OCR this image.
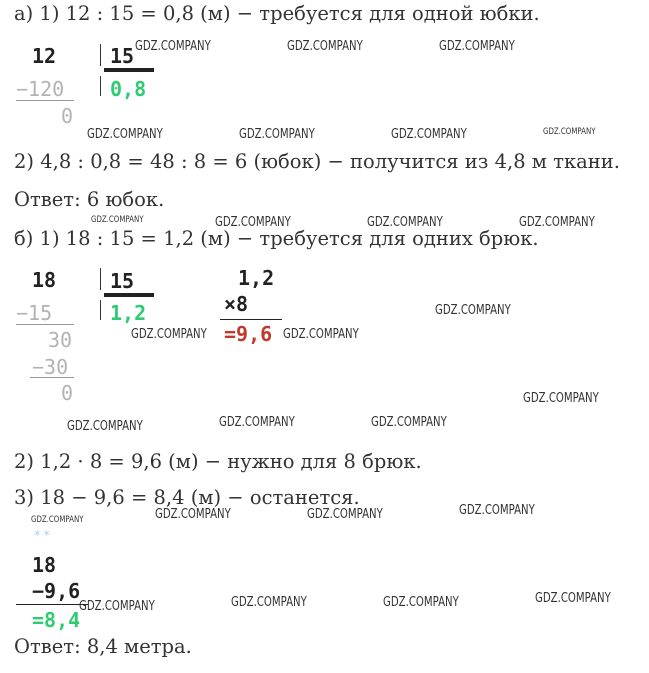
а) 1) 12 : 15 = 0,8 (м) − требуется для одной юбки.
2) 4,8 : 0,8 = 48 : 8 = 6 (юбок) − получится из 4,8 м ткани.
Ответ: 6 юбок.
б) 1) 18 : 15 = 1,2 (м) − требуется для одних брюк.
2) 1,2 · 8 = 9,6 (м) − нужно для 8 брюк.
3) 18 − 9,6 = 8,4 (м) − останется.
Ответ: 8,4 метра.
12	15
−120 0,8
0
18	15
−15	1,2
30
−30
0
1,2
×8
=9,6
**
18
−9,6
=8,4
GDZ.COMPANY	GDZ.COMPANY	GDZ.COMPANY
GDZ.COMPANY	GDZ.COMPANY	GDZ.COMPANY	GDZ.COMPANY
GDZ.COMPANY	GDZ.COMPANY	GDZ.COMPANY	GDZ.COMPANY
GDZ.COMPANY
GDZ.COMPANY	GDZ.COMPANY
GDZ.COMPANY
GDZ.COMPANY	GDZ.COMPANY	GDZ.COMPANY
GDZ.COMPANY
GDZ.COMPANY	GDZ.COMPANY	GDZ.COMPANY
GDZ.COMPANY
GDZ.COMPANY	GDZ.COMPANY	GDZ.COMPANY
